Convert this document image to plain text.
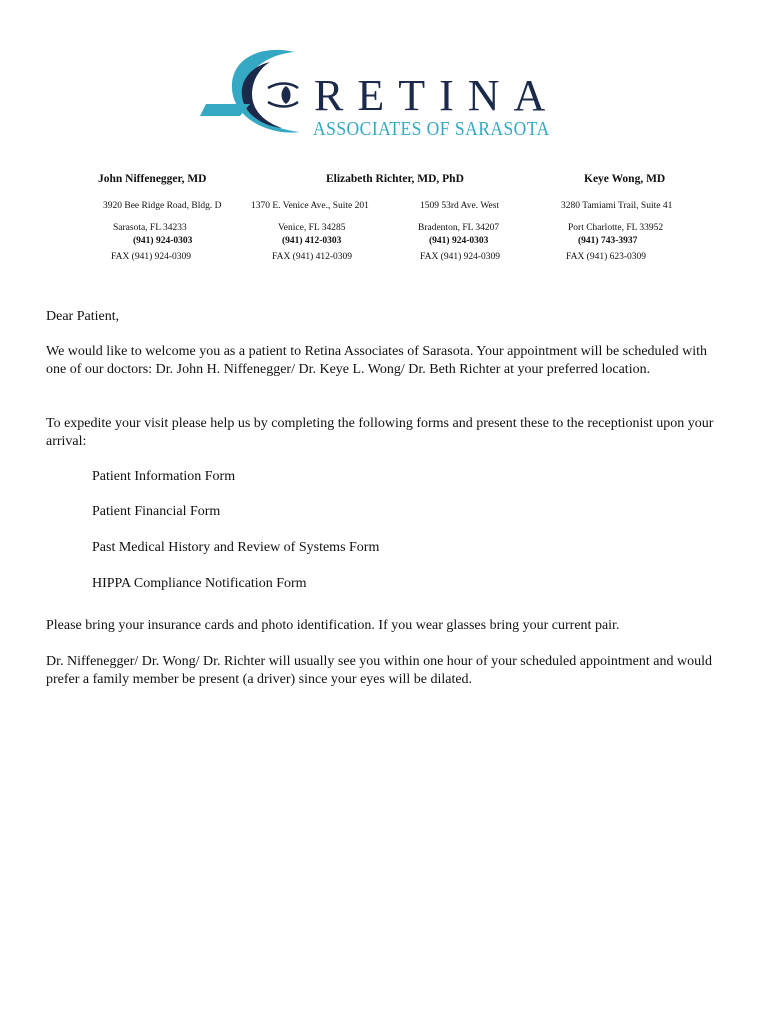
RETINA
ASSOCIATES OF SARASOTA
John Niffenegger, MD	Elizabeth Richter, MD, PhD	Keye Wong, MD
3920 Bee Ridge Road, Bldg. D
Sarasota, FL 34233
(941) 924-0303
FAX (941) 924-0309
1370 E. Venice Ave., Suite 201
Venice, FL 34285
(941) 412-0303
FAX (941) 412-0309
1509 53rd Ave. West
Bradenton, FL 34207
(941) 924-0303
FAX (941) 924-0309
3280 Tamiami Trail, Suite 41
Port Charlotte, FL 33952
(941) 743-3937
FAX (941) 623-0309
Dear Patient,
We would like to welcome you as a patient to Retina Associates of Sarasota. Your appointment will be scheduled with one of our doctors: Dr. John H. Niffenegger/ Dr. Keye L. Wong/ Dr. Beth Richter at your preferred location.
To expedite your visit please help us by completing the following forms and present these to the receptionist upon your arrival:
Patient Information Form
Patient Financial Form
Past Medical History and Review of Systems Form
HIPPA Compliance Notification Form
Please bring your insurance cards and photo identification. If you wear glasses bring your current pair.
Dr. Niffenegger/ Dr. Wong/ Dr. Richter will usually see you within one hour of your scheduled appointment and would prefer a family member be present (a driver) since your eyes will be dilated.
